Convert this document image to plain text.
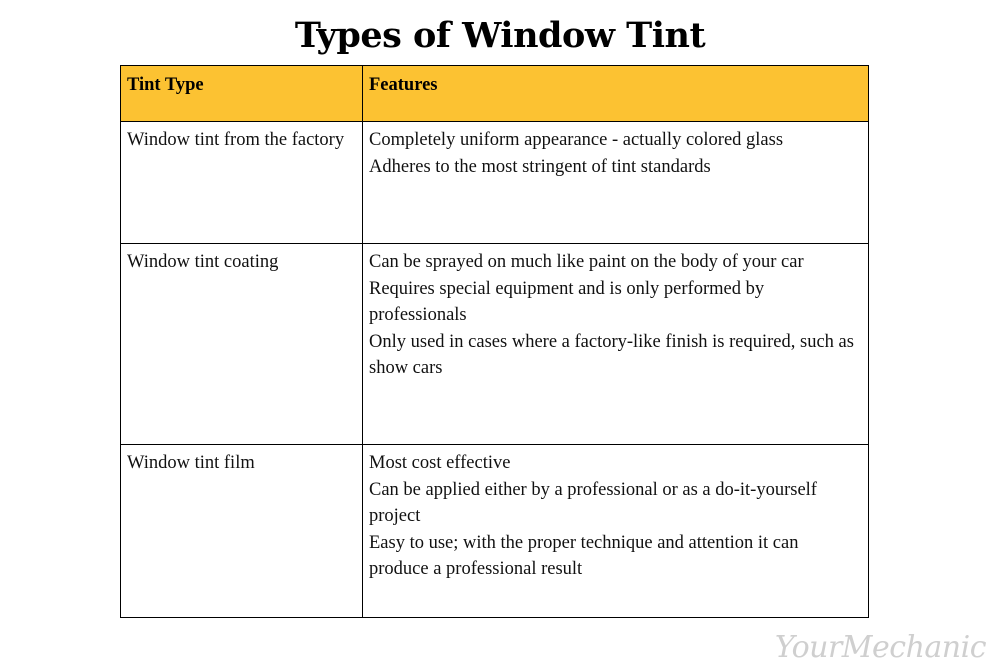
Types of Window Tint
Tint Type	Features
Window tint from the factory	Completely uniform appearance - actually colored glass
Adheres to the most stringent of tint standards

Window tint coating	Can be sprayed on much like paint on the body of your car
Requires special equipment and is only performed by professionals
Only used in cases where a factory-like finish is required, such as show cars

Window tint film	Most cost effective
Can be applied either by a professional or as a do-it-yourself project
Easy to use; with the proper technique and attention it can produce a professional result
YourMechanic
